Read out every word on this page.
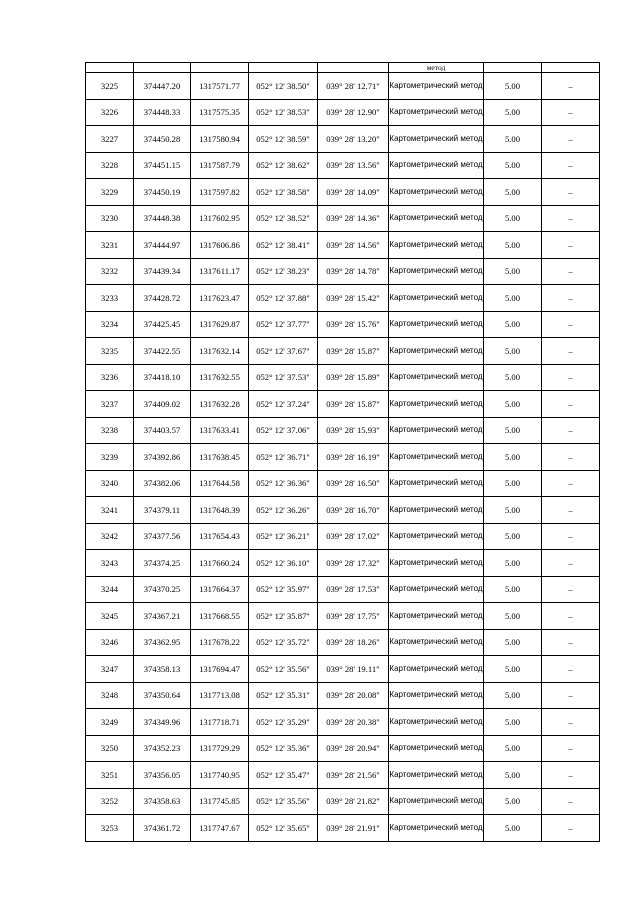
					метод		
3225	374447.20	1317571.77	052° 12' 38.50"	039° 28' 12.71"	Картометрический метод	5.00	–
3226	374448.33	1317575.35	052° 12' 38.53"	039° 28' 12.90"	Картометрический метод	5.00	–
3227	374450.28	1317580.94	052° 12' 38.59"	039° 28' 13.20"	Картометрический метод	5.00	–
3228	374451.15	1317587.79	052° 12' 38.62"	039° 28' 13.56"	Картометрический метод	5.00	–
3229	374450.19	1317597.82	052° 12' 38.58"	039° 28' 14.09"	Картометрический метод	5.00	–
3230	374448.38	1317602.95	052° 12' 38.52"	039° 28' 14.36"	Картометрический метод	5.00	–
3231	374444.97	1317606.86	052° 12' 38.41"	039° 28' 14.56"	Картометрический метод	5.00	–
3232	374439.34	1317611.17	052° 12' 38.23"	039° 28' 14.78"	Картометрический метод	5.00	–
3233	374428.72	1317623.47	052° 12' 37.88"	039° 28' 15.42"	Картометрический метод	5.00	–
3234	374425.45	1317629.87	052° 12' 37.77"	039° 28' 15.76"	Картометрический метод	5.00	–
3235	374422.55	1317632.14	052° 12' 37.67"	039° 28' 15.87"	Картометрический метод	5.00	–
3236	374418.10	1317632.55	052° 12' 37.53"	039° 28' 15.89"	Картометрический метод	5.00	–
3237	374409.02	1317632.28	052° 12' 37.24"	039° 28' 15.87"	Картометрический метод	5.00	–
3238	374403.57	1317633.41	052° 12' 37.06"	039° 28' 15.93"	Картометрический метод	5.00	–
3239	374392.86	1317638.45	052° 12' 36.71"	039° 28' 16.19"	Картометрический метод	5.00	–
3240	374382.06	1317644.58	052° 12' 36.36"	039° 28' 16.50"	Картометрический метод	5.00	–
3241	374379.11	1317648.39	052° 12' 36.26"	039° 28' 16.70"	Картометрический метод	5.00	–
3242	374377.56	1317654.43	052° 12' 36.21"	039° 28' 17.02"	Картометрический метод	5.00	–
3243	374374.25	1317660.24	052° 12' 36.10"	039° 28' 17.32"	Картометрический метод	5.00	–
3244	374370.25	1317664.37	052° 12' 35.97"	039° 28' 17.53"	Картометрический метод	5.00	–
3245	374367.21	1317668.55	052° 12' 35.87"	039° 28' 17.75"	Картометрический метод	5.00	–
3246	374362.95	1317678.22	052° 12' 35.72"	039° 28' 18.26"	Картометрический метод	5.00	–
3247	374358.13	1317694.47	052° 12' 35.56"	039° 28' 19.11"	Картометрический метод	5.00	–
3248	374350.64	1317713.08	052° 12' 35.31"	039° 28' 20.08"	Картометрический метод	5.00	–
3249	374349.96	1317718.71	052° 12' 35.29"	039° 28' 20.38"	Картометрический метод	5.00	–
3250	374352.23	1317729.29	052° 12' 35.36"	039° 28' 20.94"	Картометрический метод	5.00	–
3251	374356.05	1317740.95	052° 12' 35.47"	039° 28' 21.56"	Картометрический метод	5.00	–
3252	374358.63	1317745.85	052° 12' 35.56"	039° 28' 21.82"	Картометрический метод	5.00	–
3253	374361.72	1317747.67	052° 12' 35.65"	039° 28' 21.91"	Картометрический метод	5.00	–
